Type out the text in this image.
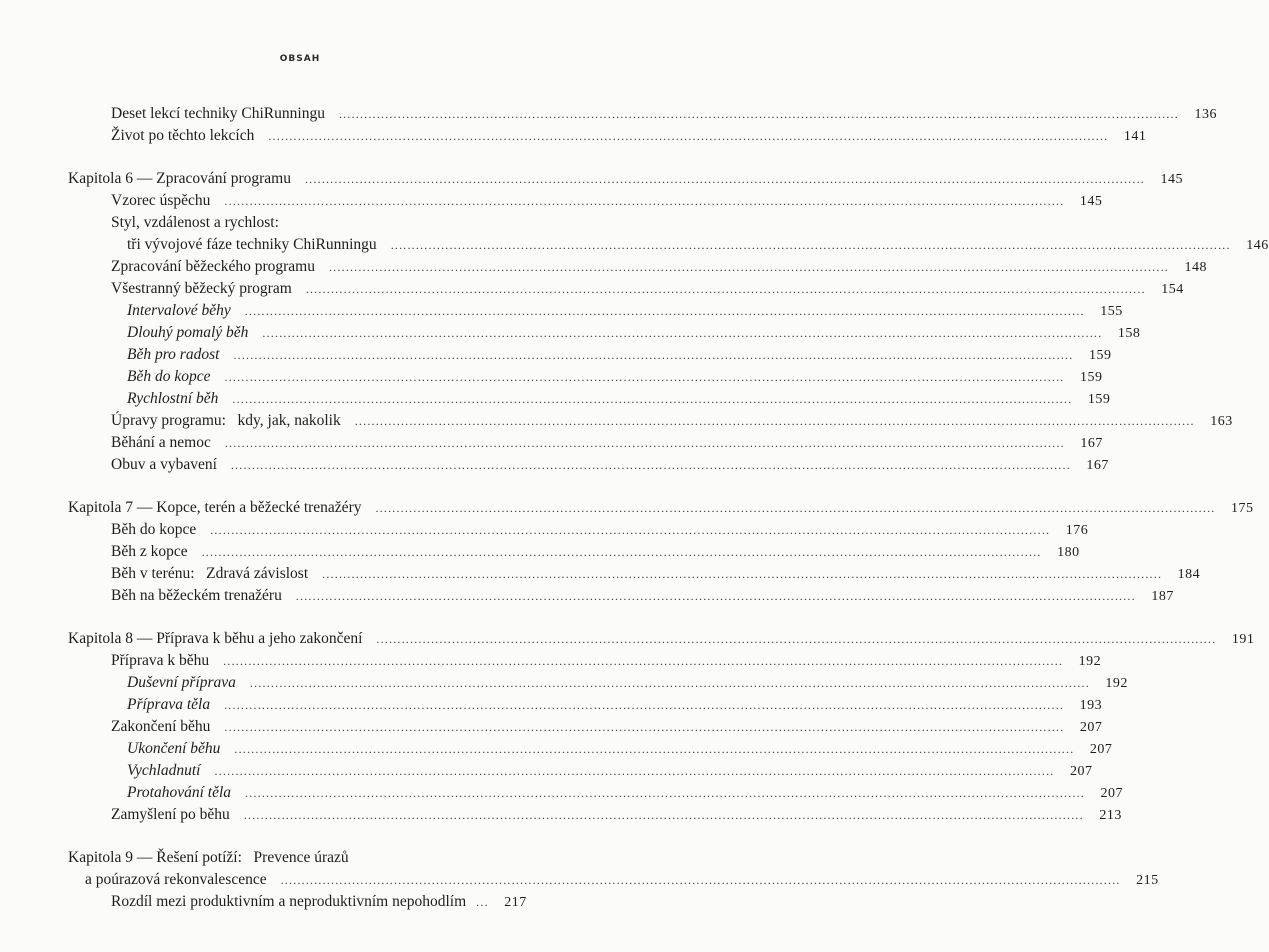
OBSAH
Deset lekcí techniky ChiRunningu ........................................................................................................................................................................................................ 136
Život po těchto lekcích ........................................................................................................................................................................................................ 141
Kapitola 6 — Zpracování programu ........................................................................................................................................................................................................ 145
Vzorec úspěchu ........................................................................................................................................................................................................ 145
Styl, vzdálenost a rychlost:
tři vývojové fáze techniky ChiRunningu ........................................................................................................................................................................................................ 146
Zpracování běžeckého programu ........................................................................................................................................................................................................ 148
Všestranný běžecký program ........................................................................................................................................................................................................ 154
Intervalové běhy ........................................................................................................................................................................................................ 155
Dlouhý pomalý běh ........................................................................................................................................................................................................ 158
Běh pro radost ........................................................................................................................................................................................................ 159
Běh do kopce ........................................................................................................................................................................................................ 159
Rychlostní běh ........................................................................................................................................................................................................ 159
Úpravy programu:   kdy, jak, nakolik ........................................................................................................................................................................................................ 163
Běhání a nemoc ........................................................................................................................................................................................................ 167
Obuv a vybavení ........................................................................................................................................................................................................ 167
Kapitola 7 — Kopce, terén a běžecké trenažéry ........................................................................................................................................................................................................ 175
Běh do kopce ........................................................................................................................................................................................................ 176
Běh z kopce ........................................................................................................................................................................................................ 180
Běh v terénu:   Zdravá závislost ........................................................................................................................................................................................................ 184
Běh na běžeckém trenažéru ........................................................................................................................................................................................................ 187
Kapitola 8 — Příprava k běhu a jeho zakončení ........................................................................................................................................................................................................ 191
Příprava k běhu ........................................................................................................................................................................................................ 192
Duševní příprava ........................................................................................................................................................................................................ 192
Příprava těla ........................................................................................................................................................................................................ 193
Zakončení běhu ........................................................................................................................................................................................................ 207
Ukončení běhu ........................................................................................................................................................................................................ 207
Vychladnutí ........................................................................................................................................................................................................ 207
Protahování těla ........................................................................................................................................................................................................ 207
Zamyšlení po běhu ........................................................................................................................................................................................................ 213
Kapitola 9 — Řešení potíží:   Prevence úrazů
a poúrazová rekonvalescence ........................................................................................................................................................................................................ 215
Rozdíl mezi produktivním a neproduktivním nepohodlím ... 217
